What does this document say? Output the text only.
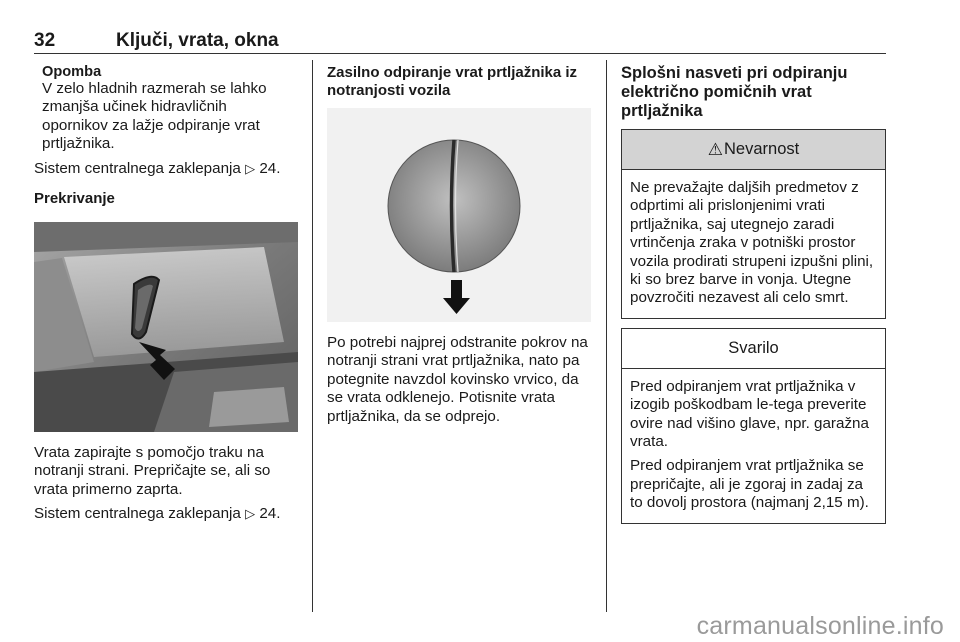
32	Ključi, vrata, okna
Opomba

V zelo hladnih razmerah se lahko zmanjša učinek hidravličnih opornikov za lažje odpiranje vrat prtljažnika.

Sistem centralnega zaklepanja ▷ 24.

Prekrivanje

Vrata zapirajte s pomočjo traku na notranji strani. Prepričajte se, ali so vrata primerno zaprta.

Sistem centralnega zaklepanja ▷ 24.

Zasilno odpiranje vrat prtljažnika iz notranjosti vozila

Po potrebi najprej odstranite pokrov na notranji strani vrat prtljažnika, nato pa potegnite navzdol kovinsko vrvico, da se vrata odklenejo. Potisnite vrata prtljažnika, da se odprejo.

Splošni nasveti pri odpiranju električno pomičnih vrat prtljažnika
⚠ Nevarnost

Ne prevažajte daljših predmetov z odprtimi ali prislonjenimi vrati prtljažnika, saj utegnejo zaradi vrtinčenja zraka v potniški prostor vozila prodirati strupeni izpušni plini, ki so brez barve in vonja. Utegne povzročiti nezavest ali celo smrt.

Svarilo

Pred odpiranjem vrat prtljažnika v izogib poškodbam le-tega preverite ovire nad višino glave, npr. garažna vrata.

Pred odpiranjem vrat prtljažnika se prepričajte, ali je zgoraj in zadaj za to dovolj prostora (najmanj 2,15 m).

carmanualsonline.info
